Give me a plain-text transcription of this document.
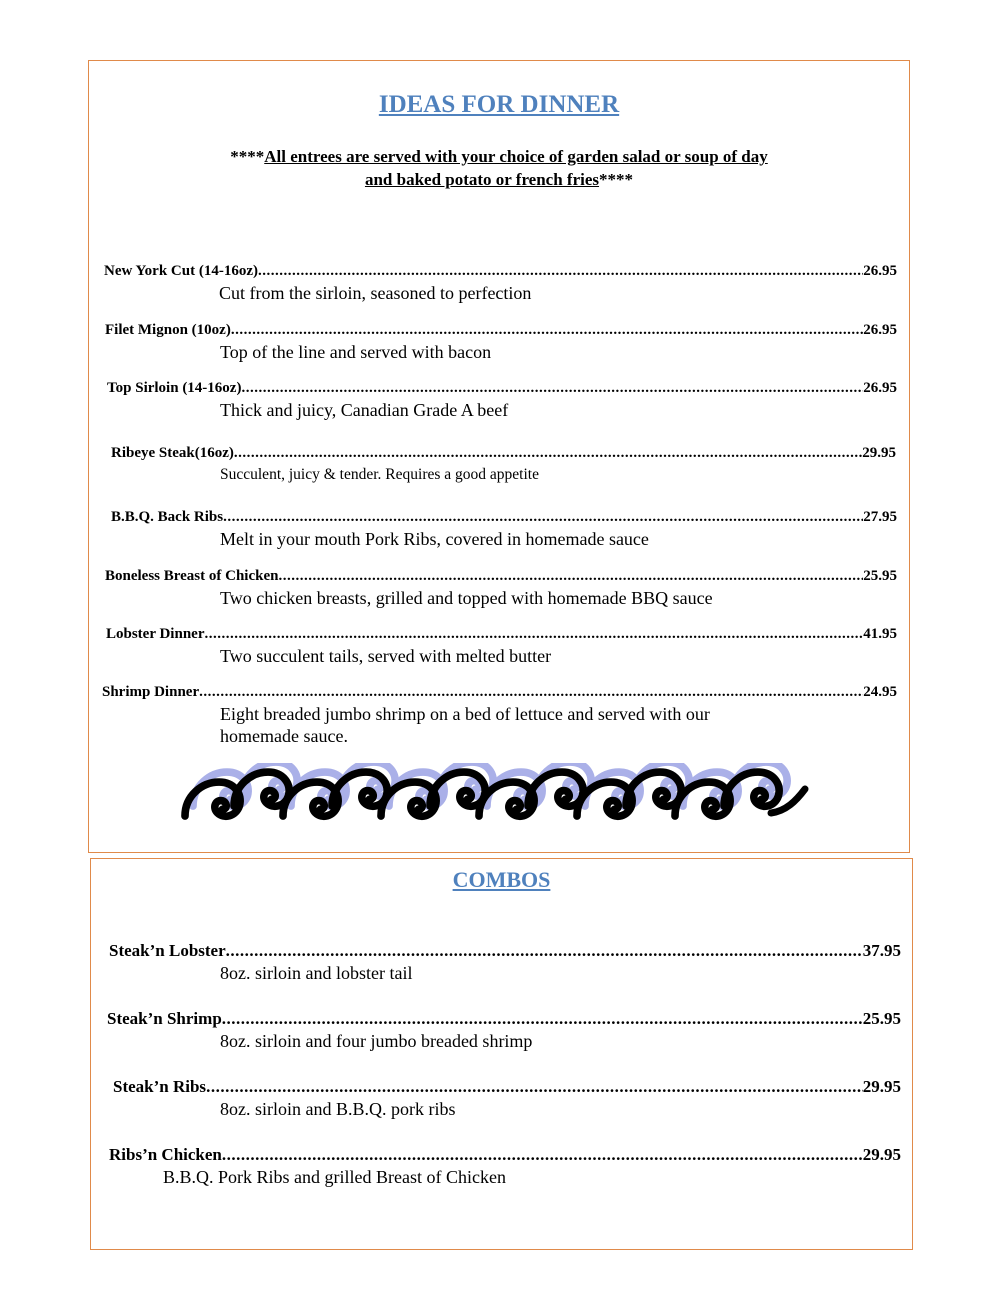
IDEAS FOR DINNER
****All entrees are served with your choice of garden salad or soup of day
and baked potato or french fries****
New York Cut (14-16oz) .....	26.95
Cut from the sirloin, seasoned to perfection
Filet Mignon (10oz) .....	26.95
Top of the line and served with bacon
Top Sirloin (14-16oz) .....	26.95
Thick and juicy, Canadian Grade A beef
Ribeye Steak(16oz) .....	29.95
Succulent, juicy & tender. Requires a good appetite
B.B.Q. Back Ribs .....	27.95
Melt in your mouth Pork Ribs, covered in homemade sauce
Boneless Breast of Chicken .....	25.95
Two chicken breasts, grilled and topped with homemade BBQ sauce
Lobster Dinner .....	41.95
Two succulent tails, served with melted butter
Shrimp Dinner .....	24.95
Eight breaded jumbo shrimp on a bed of lettuce and served with our homemade sauce.
COMBOS
Steak’n Lobster .....	37.95
8oz. sirloin and lobster tail
Steak’n Shrimp .....	25.95
8oz. sirloin and four jumbo breaded shrimp
Steak’n Ribs .....	29.95
8oz. sirloin and B.B.Q. pork ribs
Ribs’n Chicken .....	29.95
B.B.Q. Pork Ribs and grilled Breast of Chicken
